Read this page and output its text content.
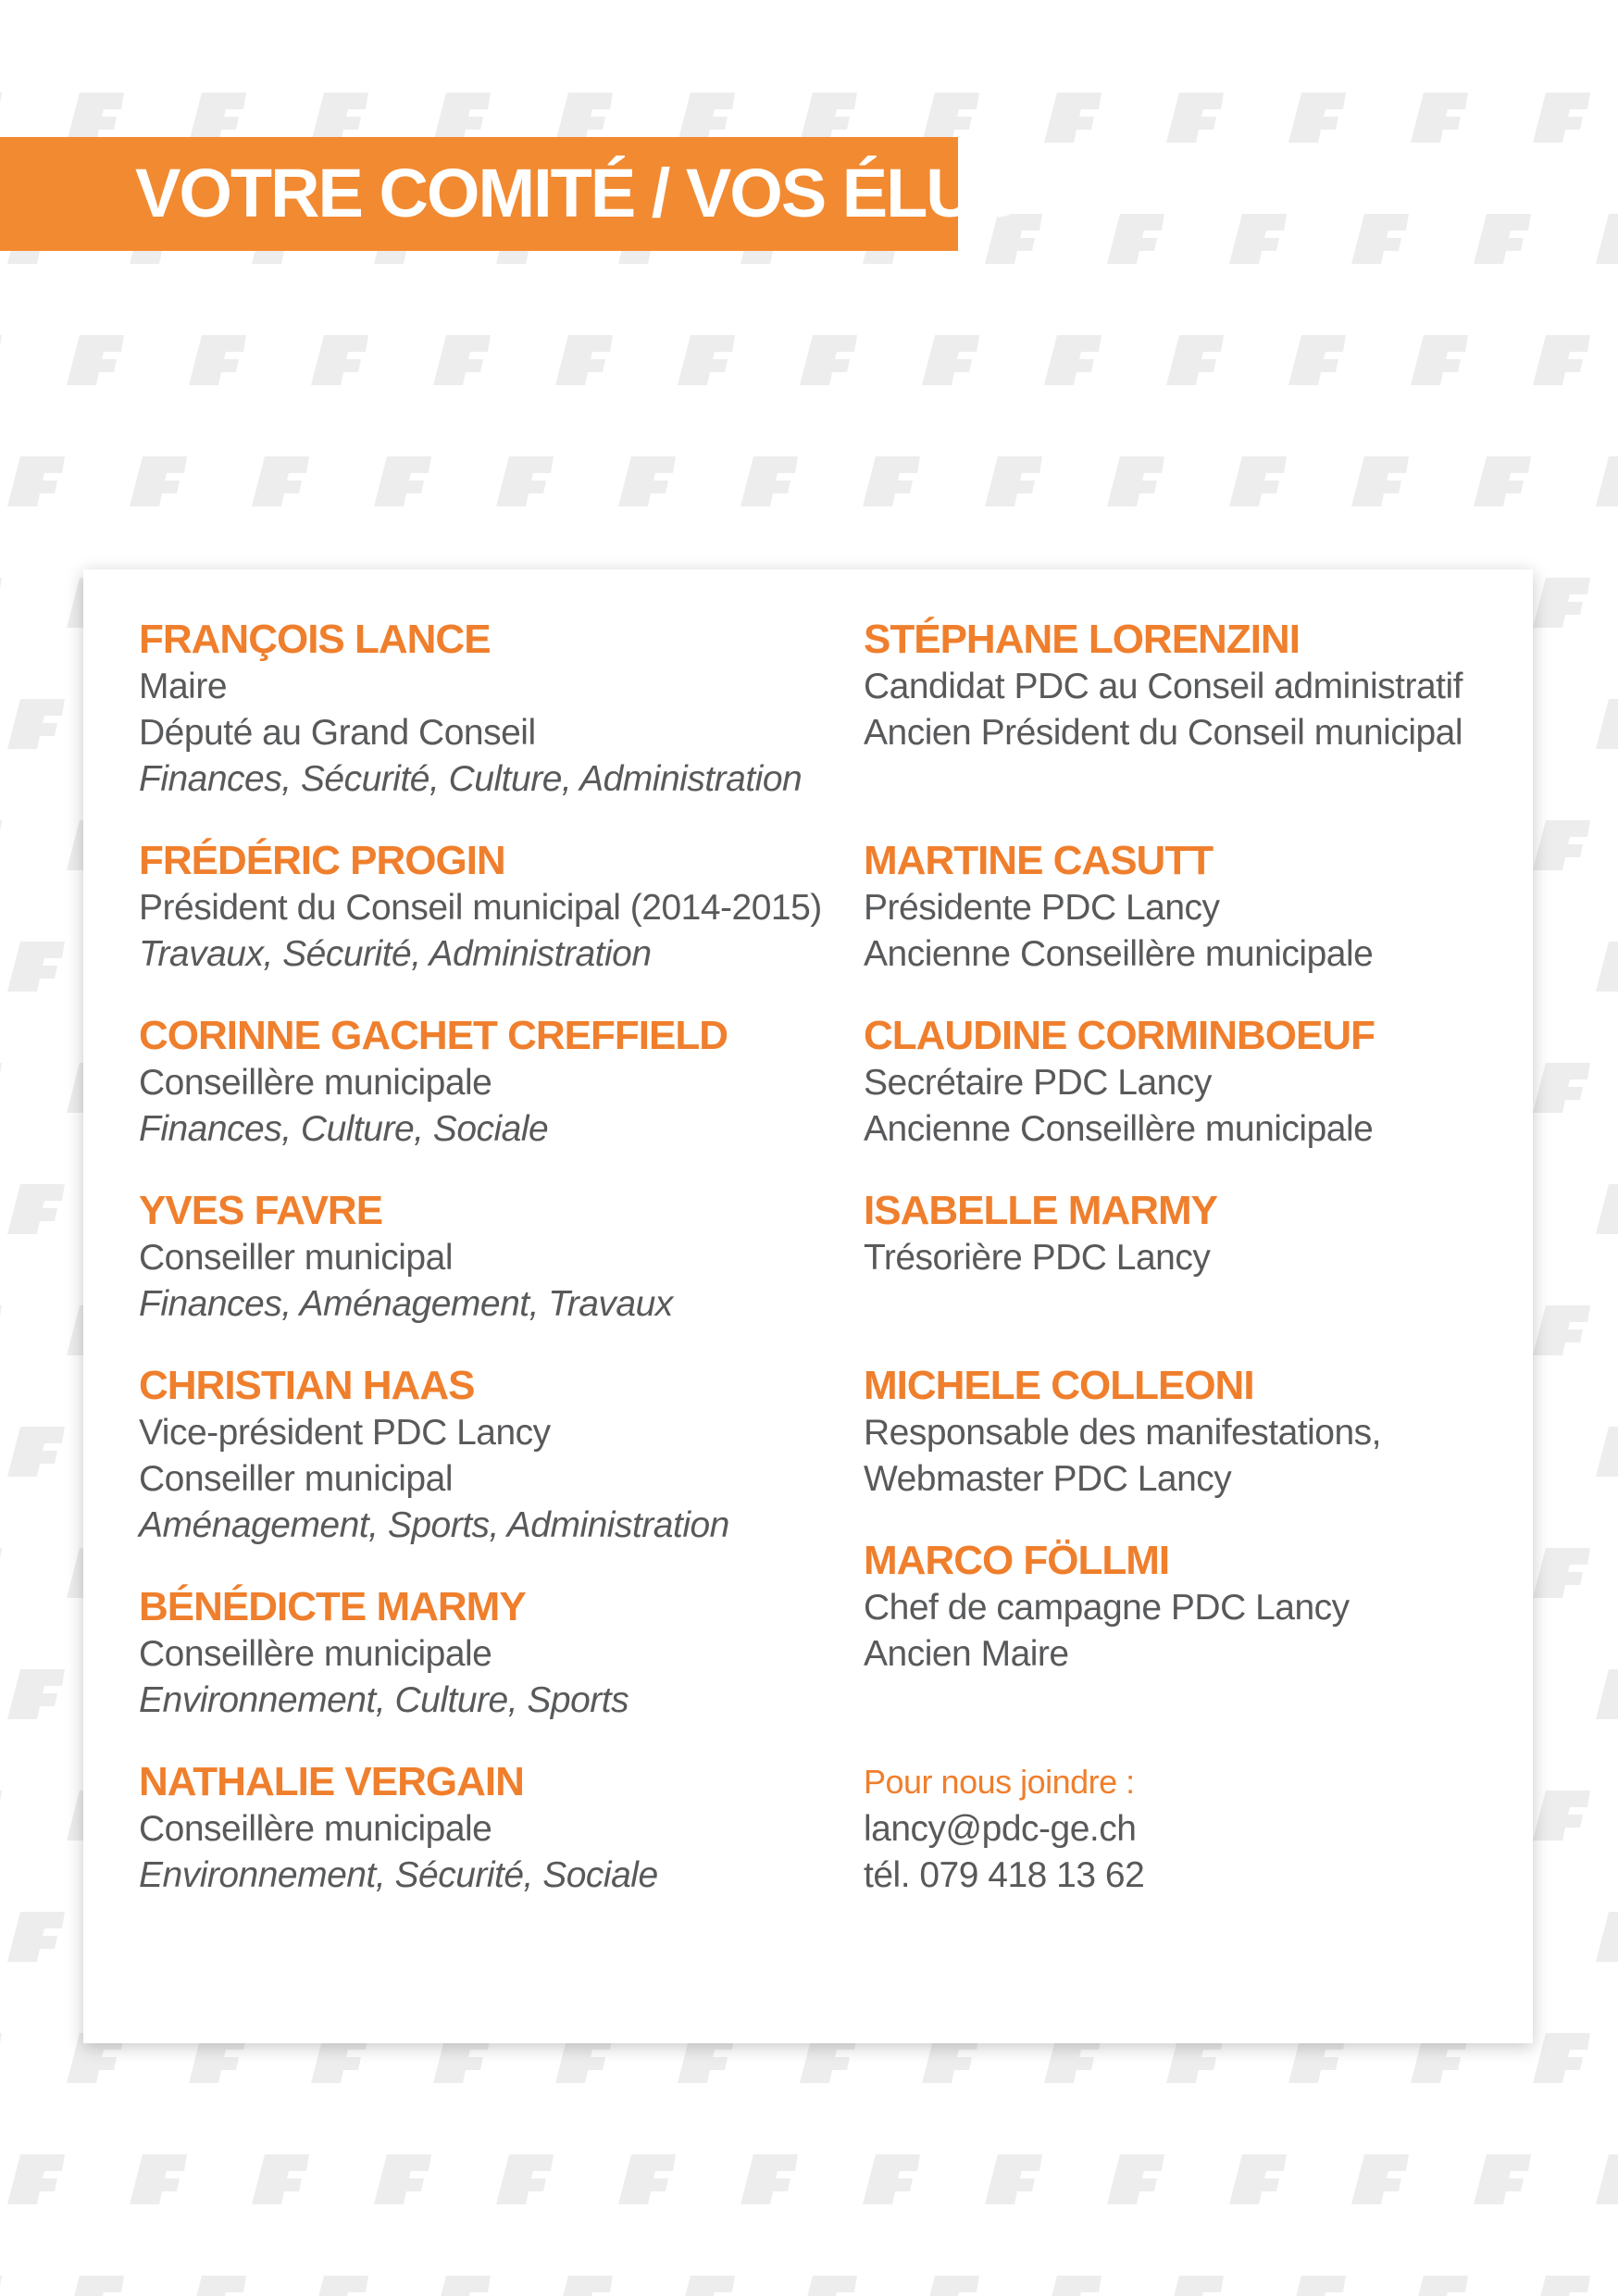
VOTRE COMITÉ / VOS ÉLUS
FRANÇOIS LANCE
Maire
Député au Grand Conseil
Finances, Sécurité, Culture, Administration
FRÉDÉRIC PROGIN
Président du Conseil municipal (2014-2015)
Travaux, Sécurité, Administration
CORINNE GACHET CREFFIELD
Conseillère municipale
Finances, Culture, Sociale
YVES FAVRE
Conseiller municipal
Finances, Aménagement, Travaux
CHRISTIAN HAAS
Vice-président PDC Lancy
Conseiller municipal
Aménagement, Sports, Administration
BÉNÉDICTE MARMY
Conseillère municipale
Environnement, Culture, Sports
NATHALIE VERGAIN
Conseillère municipale
Environnement, Sécurité, Sociale
STÉPHANE LORENZINI
Candidat PDC au Conseil administratif
Ancien Président du Conseil municipal
MARTINE CASUTT
Présidente PDC Lancy
Ancienne Conseillère municipale
CLAUDINE CORMINBOEUF
Secrétaire PDC Lancy
Ancienne Conseillère municipale
ISABELLE MARMY
Trésorière PDC Lancy
MICHELE COLLEONI
Responsable des manifestations,
Webmaster PDC Lancy
MARCO FÖLLMI
Chef de campagne PDC Lancy
Ancien Maire
Pour nous joindre :
lancy@pdc-ge.ch
tél. 079 418 13 62
